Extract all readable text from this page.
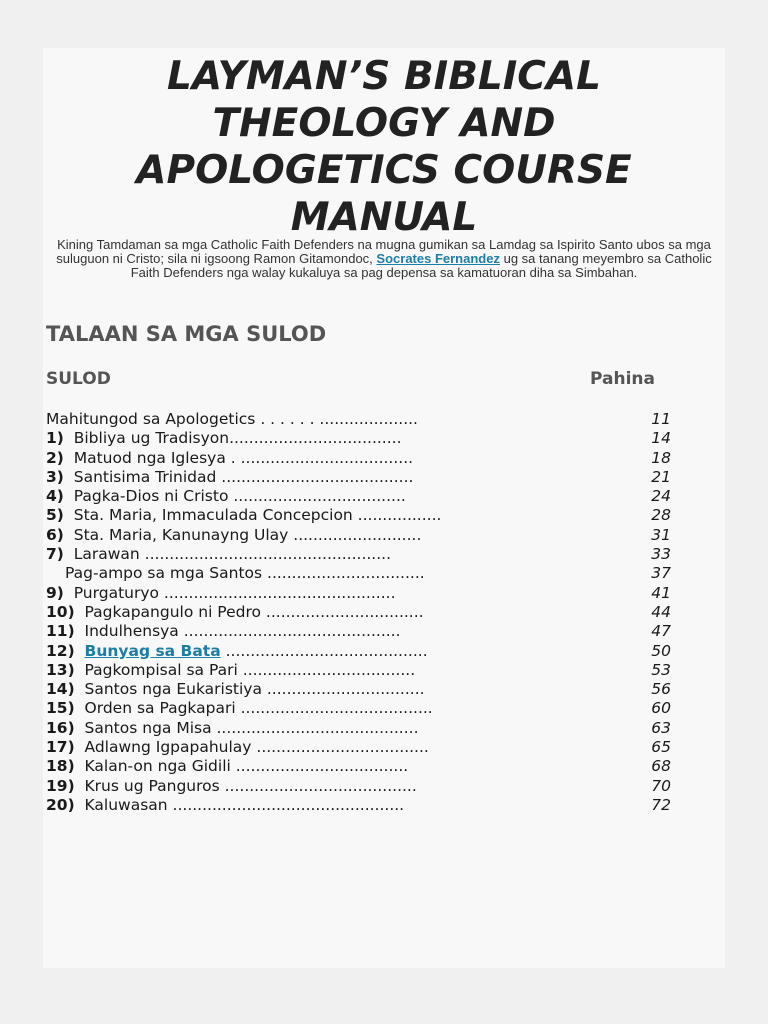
LAYMAN’S BIBLICAL
THEOLOGY AND
APOLOGETICS COURSE
MANUAL
Kining Tamdaman sa mga Catholic Faith Defenders na mugna gumikan sa Lamdag sa Ispirito Santo ubos sa mga suluguon ni Cristo; sila ni igsoong Ramon Gitamondoc, Socrates Fernandez ug sa tanang meyembro sa Catholic Faith Defenders nga walay kukaluya sa pag depensa sa kamatuoran diha sa Simbahan.
TALAAN SA MGA SULOD
SULOD	Pahina
Mahitungod sa Apologetics . . . . . . ....................	11
1) Bibliya ug Tradisyon...................................	14
2) Matuod nga Iglesya . ...................................	18
3) Santisima Trinidad .......................................	21
4) Pagka-Dios ni Cristo ...................................	24
5) Sta. Maria, Immaculada Concepcion .................	28
6) Sta. Maria, Kanunayng Ulay ..........................	31
7) Larawan ..................................................	33
Pag-ampo sa mga Santos ................................	37
9) Purgaturyo ...............................................	41
10) Pagkapangulo ni Pedro ................................	44
11) Indulhensya ............................................	47
12) Bunyag sa Bata .........................................	50
13) Pagkompisal sa Pari ...................................	53
14) Santos nga Eukaristiya ................................	56
15) Orden sa Pagkapari .......................................	60
16) Santos nga Misa .........................................	63
17) Adlawng Igpapahulay ...................................	65
18) Kalan-on nga Gidili ...................................	68
19) Krus ug Panguros .......................................	70
20) Kaluwasan ...............................................	72
